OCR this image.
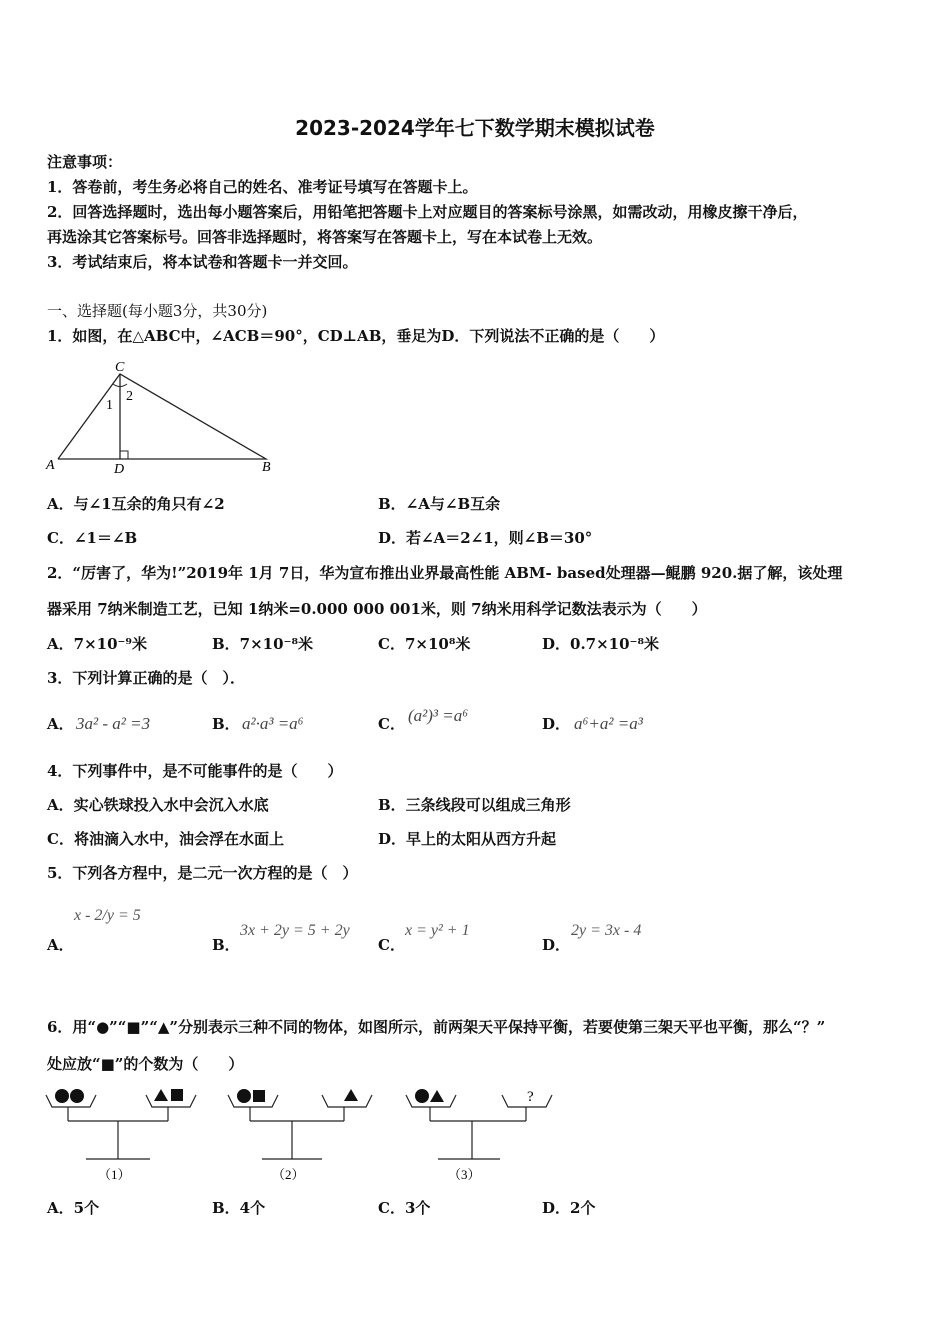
2023-2024学年七下数学期末模拟试卷
注意事项：
1．答卷前，考生务必将自己的姓名、准考证号填写在答题卡上。
2．回答选择题时，选出每小题答案后，用铅笔把答题卡上对应题目的答案标号涂黑，如需改动，用橡皮擦干净后，
再选涂其它答案标号。回答非选择题时，将答案写在答题卡上，写在本试卷上无效。
3．考试结束后，将本试卷和答题卡一并交回。
一、选择题(每小题3分，共30分)
1．如图，在△ABC中，∠ACB＝90°，CD⊥AB，垂足为D．下列说法不正确的是（　　）
C
A	D	B
1
2
A．与∠1互余的角只有∠2	B．∠A与∠B互余
C．∠1＝∠B	D．若∠A＝2∠1，则∠B＝30°
2．“厉害了，华为!”2019年 1月 7日，华为宣布推出业界最高性能 ABM- based处理器—鲲鹏 920.据了解，该处理
器采用 7纳米制造工艺，已知 1纳米=0.000 000 001米，则 7纳米用科学记数法表示为（　　）
A．7×10⁻⁹米	B．7×10⁻⁸米	C．7×10⁸米	D．0.7×10⁻⁸米
3．下列计算正确的是（　）．
A． 3a² - a² =3	B． a²·a³ =a⁶	C． (a²)³ =a⁶	D． a⁶+a² =a³
4．下列事件中，是不可能事件的是（　　）
A．实心铁球投入水中会沉入水底	B．三条线段可以组成三角形
C．将油滴入水中，油会浮在水面上	D．早上的太阳从西方升起
5．下列各方程中，是二元一次方程的是（　）
x - 2/y = 5
A．	B．
3x + 2y = 5 + 2y
C．
x = y² + 1
D．
2y = 3x - 4
6．用“●”“■”“▲”分别表示三种不同的物体，如图所示，前两架天平保持平衡，若要使第三架天平也平衡，那么“？”
处应放“■”的个数为（　　）
（1）	（2）
?
（3）
A．5个	B．4个	C．3个	D．2个
